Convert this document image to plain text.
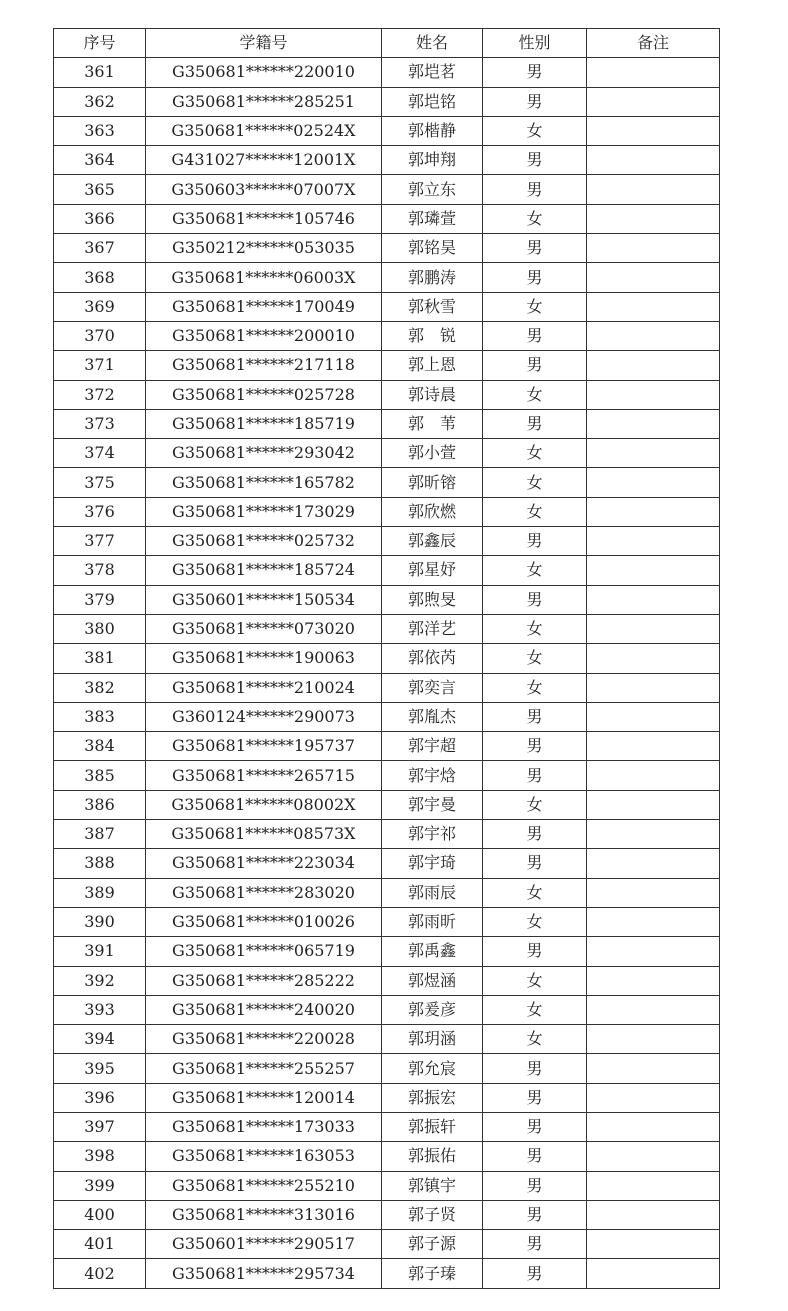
序号	学籍号	姓名	性别	备注
361	G350681******220010	郭垲茗	男	
362	G350681******285251	郭垲铭	男	
363	G350681******02524X	郭楷静	女	
364	G431027******12001X	郭坤翔	男	
365	G350603******07007X	郭立东	男	
366	G350681******105746	郭璘萱	女	
367	G350212******053035	郭铭昊	男	
368	G350681******06003X	郭鹏涛	男	
369	G350681******170049	郭秋雪	女	
370	G350681******200010	郭　锐	男	
371	G350681******217118	郭上恩	男	
372	G350681******025728	郭诗晨	女	
373	G350681******185719	郭　苇	男	
374	G350681******293042	郭小萱	女	
375	G350681******165782	郭昕镕	女	
376	G350681******173029	郭欣燃	女	
377	G350681******025732	郭鑫辰	男	
378	G350681******185724	郭星妤	女	
379	G350601******150534	郭煦旻	男	
380	G350681******073020	郭洋艺	女	
381	G350681******190063	郭依芮	女	
382	G350681******210024	郭奕言	女	
383	G360124******290073	郭胤杰	男	
384	G350681******195737	郭宇超	男	
385	G350681******265715	郭宇焓	男	
386	G350681******08002X	郭宇曼	女	
387	G350681******08573X	郭宇祁	男	
388	G350681******223034	郭宇琦	男	
389	G350681******283020	郭雨辰	女	
390	G350681******010026	郭雨昕	女	
391	G350681******065719	郭禹鑫	男	
392	G350681******285222	郭煜涵	女	
393	G350681******240020	郭爰彦	女	
394	G350681******220028	郭玥涵	女	
395	G350681******255257	郭允宸	男	
396	G350681******120014	郭振宏	男	
397	G350681******173033	郭振轩	男	
398	G350681******163053	郭振佑	男	
399	G350681******255210	郭镇宇	男	
400	G350681******313016	郭子贤	男	
401	G350601******290517	郭子源	男	
402	G350681******295734	郭子瑧	男	
